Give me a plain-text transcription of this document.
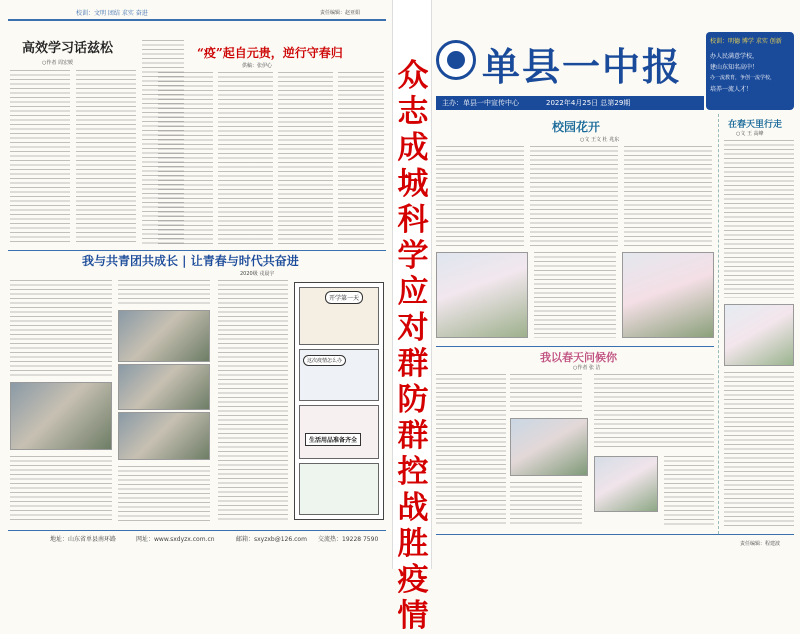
校训：文明 团结 求实 奋进	责任编辑：赵亚娟
高效学习话兹松
○作者 周宏媛
“疫”起自元贵，逆行守春归
供稿：张伊心
我与共青团共成长 | 让青春与时代共奋进
2020级 戎晨宇
开学第一天
这次疫情怎么办
生活用品准备齐全
地址：山东省单县南环路	网址：www.sxdyzx.com.cn	邮箱：sxyzxb@126.com 交流热：19228 7590
众
志
成
城
科
学
应
对
群
防
群
控
战
胜
疫
情
单县一中报
主办：单县一中宣传中心	2022年4月25日 总第29期
校训：明德 博学 求实 创新
办人民满意学校，
建山东知名高中！
办一流教育，争创一流学校，
培养一流人才！
校园花开
○文 王文 杜 兆东
我以春天问候你
○作者 张 洁
在春天里行走
○文 王 高峰
责任编辑：程建波
